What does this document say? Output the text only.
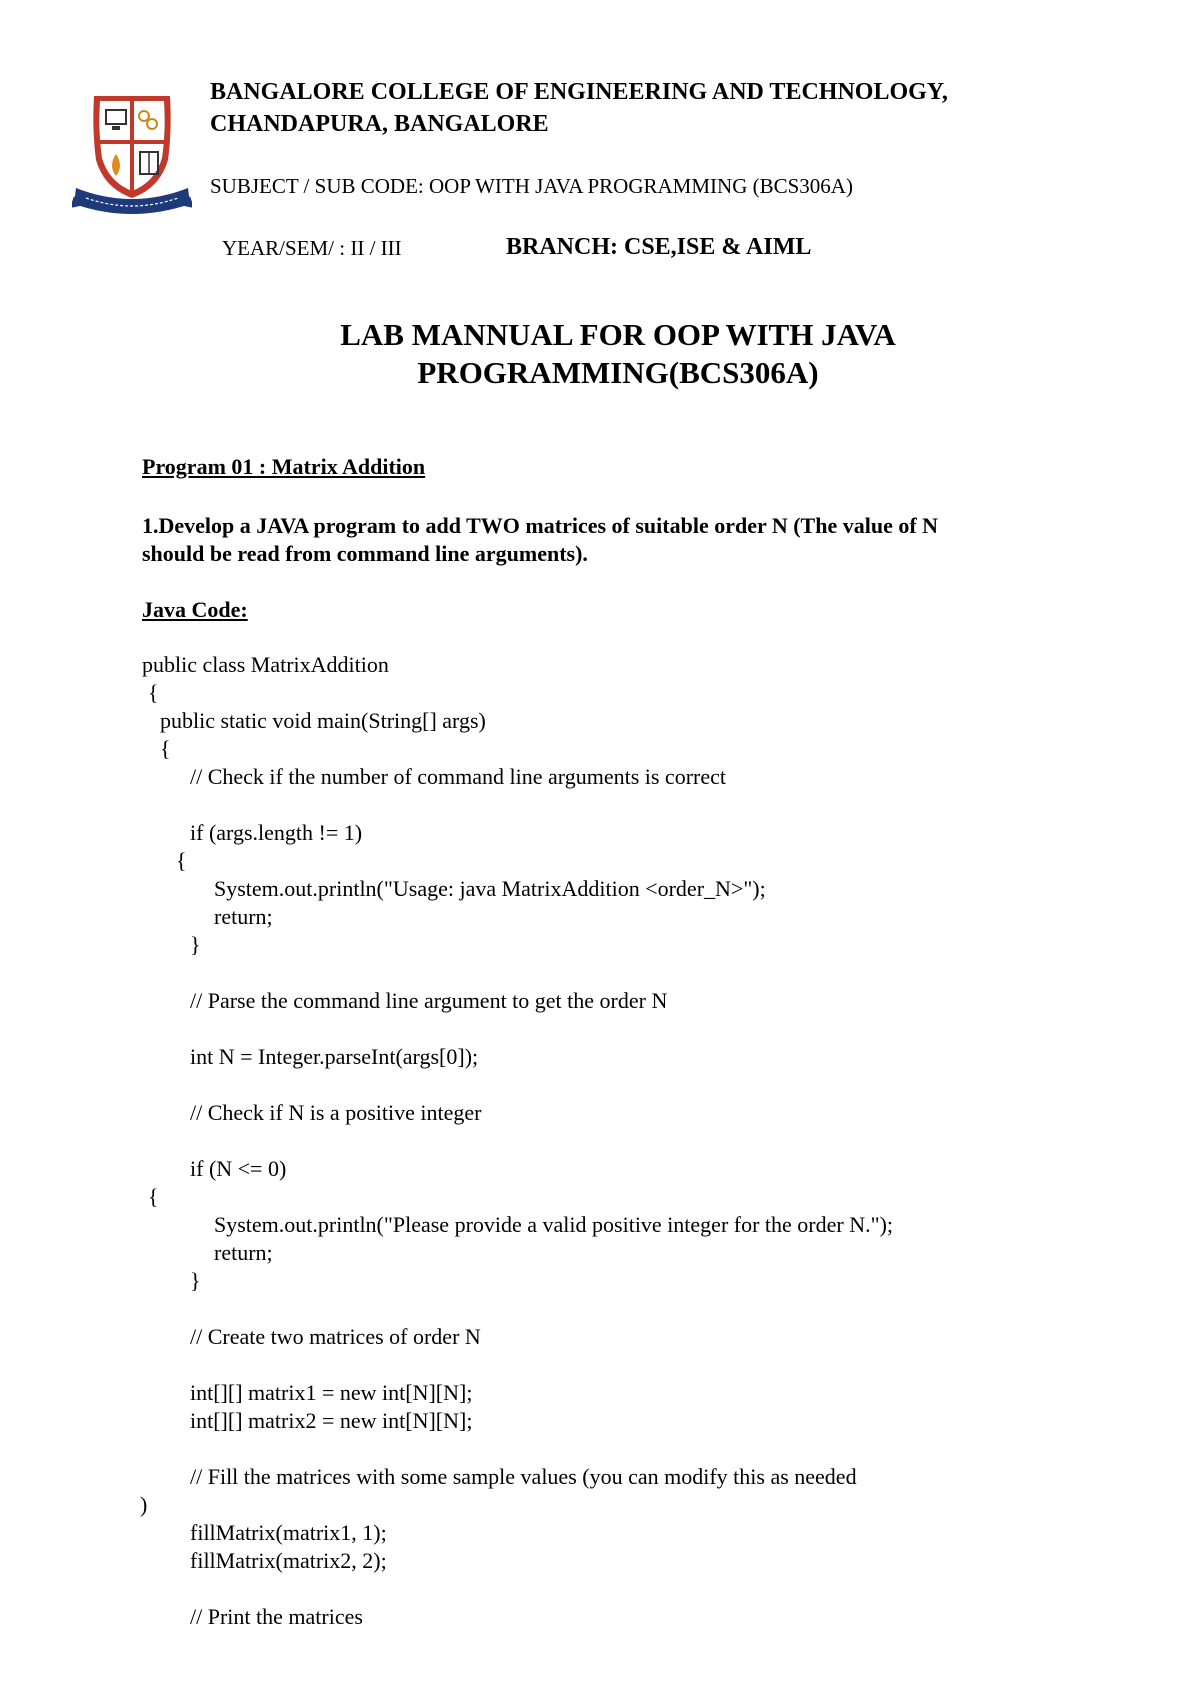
BANGALORE COLLEGE OF ENGINEERING AND TECHNOLOGY,
CHANDAPURA, BANGALORE
SUBJECT / SUB CODE: OOP WITH JAVA PROGRAMMING (BCS306A)
YEAR/SEM/ : II / III	BRANCH: CSE,ISE & AIML
LAB MANNUAL FOR OOP WITH JAVA
PROGRAMMING(BCS306A)
Program 01 : Matrix Addition
1.Develop a JAVA program to add TWO matrices of suitable order N (The value of N
should be read from command line arguments).
Java Code:
public class MatrixAddition
{
public static void main(String[] args)
{
// Check if the number of command line arguments is correct
if (args.length != 1)
{
System.out.println("Usage: java MatrixAddition <order_N>");
return;
}
// Parse the command line argument to get the order N
int N = Integer.parseInt(args[0]);
// Check if N is a positive integer
if (N <= 0)
{
System.out.println("Please provide a valid positive integer for the order N.");
return;
}
// Create two matrices of order N
int[][] matrix1 = new int[N][N];
int[][] matrix2 = new int[N][N];
// Fill the matrices with some sample values (you can modify this as needed
)
fillMatrix(matrix1, 1);
fillMatrix(matrix2, 2);
// Print the matrices
